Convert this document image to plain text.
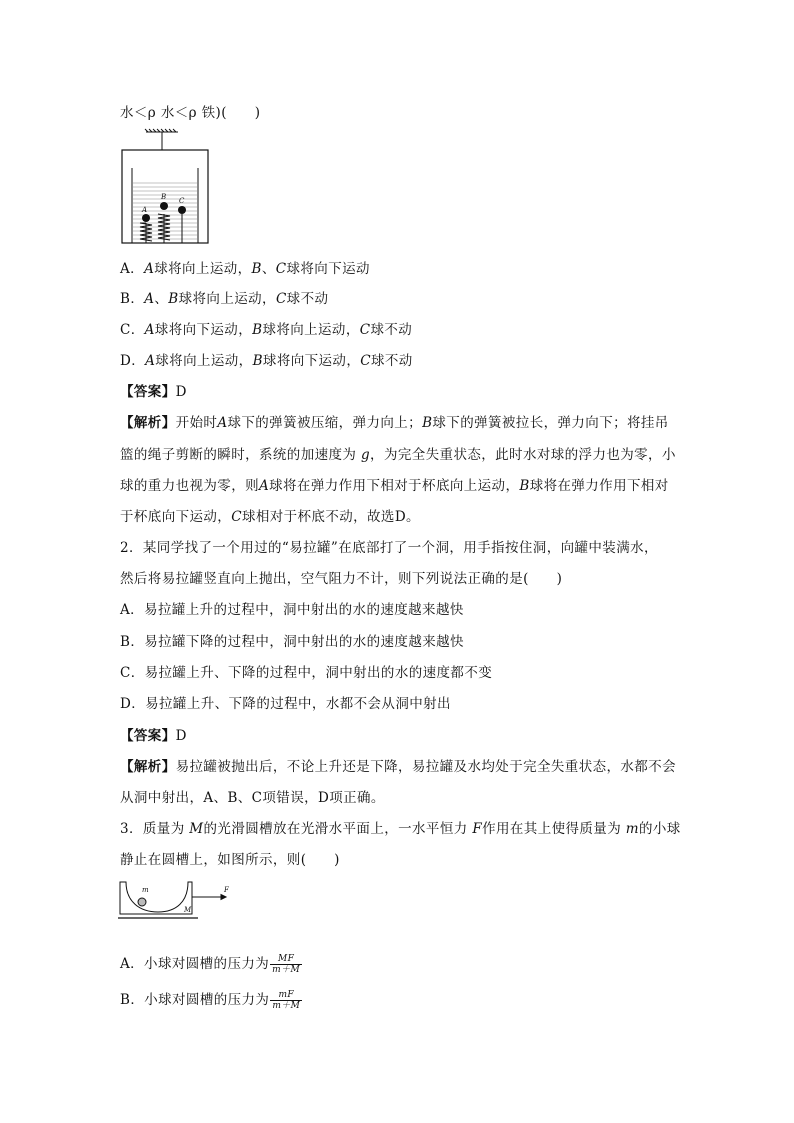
水＜ρ 水＜ρ 铁)(　　)
A
B C
A．A球将向上运动，B、C球将向下运动
B．A、B球将向上运动，C球不动
C．A球将向下运动，B球将向上运动，C球不动
D．A球将向上运动，B球将向下运动，C球不动
【答案】D
【解析】开始时A球下的弹簧被压缩，弹力向上；B球下的弹簧被拉长，弹力向下；将挂吊
篮的绳子剪断的瞬时，系统的加速度为 g，为完全失重状态，此时水对球的浮力也为零，小
球的重力也视为零，则A球将在弹力作用下相对于杯底向上运动，B球将在弹力作用下相对
于杯底向下运动，C球相对于杯底不动，故选D。
2．某同学找了一个用过的“易拉罐”在底部打了一个洞，用手指按住洞，向罐中装满水，
然后将易拉罐竖直向上抛出，空气阻力不计，则下列说法正确的是(　　)
A．易拉罐上升的过程中，洞中射出的水的速度越来越快
B．易拉罐下降的过程中，洞中射出的水的速度越来越快
C．易拉罐上升、下降的过程中，洞中射出的水的速度都不变
D．易拉罐上升、下降的过程中，水都不会从洞中射出
【答案】D
【解析】易拉罐被抛出后，不论上升还是下降，易拉罐及水均处于完全失重状态，水都不会
从洞中射出，A、B、C项错误，D项正确。
3．质量为 M的光滑圆槽放在光滑水平面上，一水平恒力 F作用在其上使得质量为 m的小球
静止在圆槽上，如图所示，则(　　)
m
M
F
A．小球对圆槽的压力为 $\frac{MF}{m+M}$
B．小球对圆槽的压力为 $\frac{mF}{m+M}$
